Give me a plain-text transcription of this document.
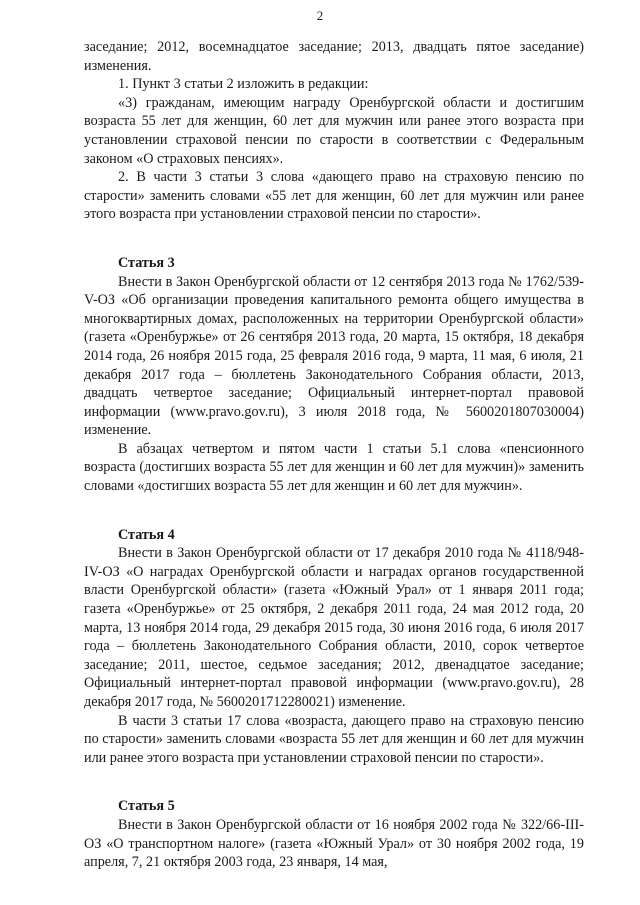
2

заседание; 2012, восемнадцатое заседание; 2013, двадцать пятое заседание) изменения.

1. Пункт 3 статьи 2 изложить в редакции:

«3) гражданам, имеющим награду Оренбургской области и достигшим возраста 55 лет для женщин, 60 лет для мужчин или ранее этого возраста при установлении страховой пенсии по старости в соответствии с Федеральным законом «О страховых пенсиях».

2. В части 3 статьи 3 слова «дающего право на страховую пенсию по старости» заменить словами «55 лет для женщин, 60 лет для мужчин или ранее этого возраста при установлении страховой пенсии по старости».

Статья 3

Внести в Закон Оренбургской области от 12 сентября 2013 года № 1762/539-V-ОЗ «Об организации проведения капитального ремонта общего имущества в многоквартирных домах, расположенных на территории Оренбургской области» (газета «Оренбуржье» от 26 сентября 2013 года, 20 марта, 15 октября, 18 декабря 2014 года, 26 ноября 2015 года, 25 февраля 2016 года, 9 марта, 11 мая, 6 июля, 21 декабря 2017 года – бюллетень Законодательного Собрания области, 2013, двадцать четвертое заседание; Официальный интернет-портал правовой информации (www.pravo.gov.ru), 3 июля 2018 года, № 5600201807030004) изменение.

В абзацах четвертом и пятом части 1 статьи 5.1 слова «пенсионного возраста (достигших возраста 55 лет для женщин и 60 лет для мужчин)» заменить словами «достигших возраста 55 лет для женщин и 60 лет для мужчин».

Статья 4

Внести в Закон Оренбургской области от 17 декабря 2010 года № 4118/948-IV-ОЗ «О наградах Оренбургской области и наградах органов государственной власти Оренбургской области» (газета «Южный Урал» от 1 января 2011 года; газета «Оренбуржье» от 25 октября, 2 декабря 2011 года, 24 мая 2012 года, 20 марта, 13 ноября 2014 года, 29 декабря 2015 года, 30 июня 2016 года, 6 июля 2017 года – бюллетень Законодательного Собрания области, 2010, сорок четвертое заседание; 2011, шестое, седьмое заседания; 2012, двенадцатое заседание; Официальный интернет-портал правовой информации (www.pravo.gov.ru), 28 декабря 2017 года, № 5600201712280021) изменение.

В части 3 статьи 17 слова «возраста, дающего право на страховую пенсию по старости» заменить словами «возраста 55 лет для женщин и 60 лет для мужчин или ранее этого возраста при установлении страховой пенсии по старости».

Статья 5

Внести в Закон Оренбургской области от 16 ноября 2002 года № 322/66-III-ОЗ «О транспортном налоге» (газета «Южный Урал» от 30 ноября 2002 года, 19 апреля, 7, 21 октября 2003 года, 23 января, 14 мая,
